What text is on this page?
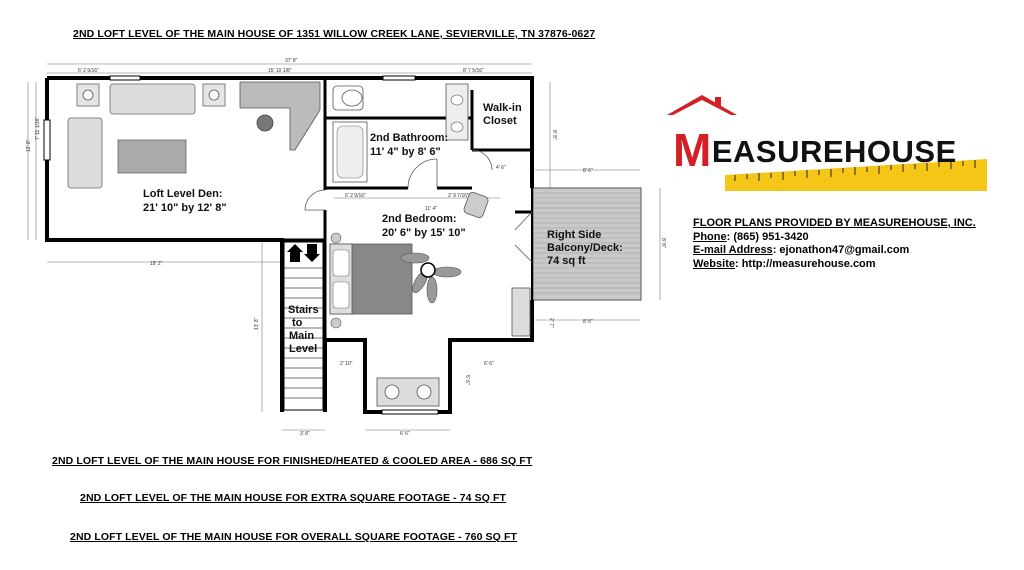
2ND LOFT LEVEL OF THE MAIN HOUSE OF 1351 WILLOW CREEK LANE, SEVIERVILLE, TN 37876-0627
37' 8"
6' 2 9/16"	15' 10 1/8"	8' 7 5/16"
18' 2"
6' 2 9/16"	2' 9 7/16"
11' 4"
4' 6"	8' 6"
8' 6"
3' 8"	6' 6"
2' 10"	6' 6"
5' 6"
2' 7"
12' 8"
7' 11 1/16"	8' 8"
8' 8"
13' 8"
Loft Level Den:
21' 10" by 12' 8"
2nd Bathroom:
11' 4" by 8' 6"
Walk-in
Closet
2nd Bedroom:
20' 6" by 15' 10"	Right Side
Balcony/Deck:
74 sq ft
Stairs
to
Main
Level
MEASUREHOUSE
FLOOR PLANS PROVIDED BY MEASUREHOUSE, INC.
Phone: (865) 951-3420
E-mail Address: ejonathon47@gmail.com
Website: http://measurehouse.com
2ND LOFT LEVEL OF THE MAIN HOUSE FOR FINISHED/HEATED & COOLED AREA - 686 SQ FT
2ND LOFT LEVEL OF THE MAIN HOUSE FOR EXTRA SQUARE FOOTAGE - 74 SQ FT
2ND LOFT LEVEL OF THE MAIN HOUSE FOR OVERALL SQUARE FOOTAGE - 760 SQ FT
